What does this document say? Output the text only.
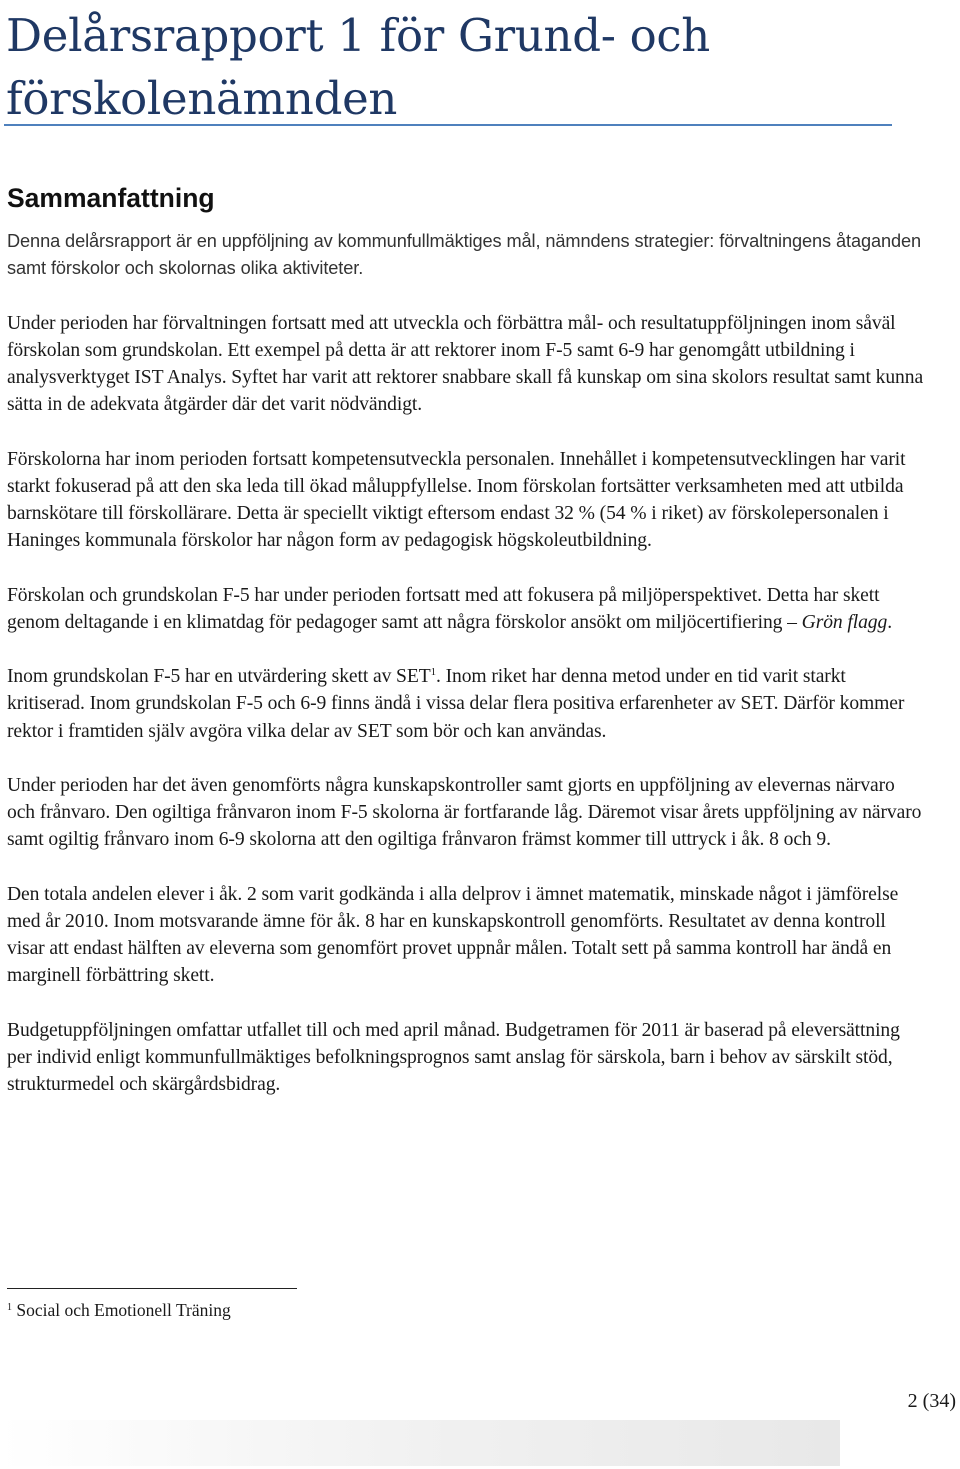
Delårsrapport 1 för Grund- och
förskolenämnden
Sammanfattning

Denna delårsrapport är en uppföljning av kommunfullmäktiges mål, nämndens strategier: förvaltningens åtaganden samt förskolor och skolornas olika aktiviteter.

Under perioden har förvaltningen fortsatt med att utveckla och förbättra mål- och resultatuppföljningen inom såväl förskolan som grundskolan. Ett exempel på detta är att rektorer inom F-5 samt 6-9 har genomgått utbildning i analysverktyget IST Analys. Syftet har varit att rektorer snabbare skall få kunskap om sina skolors resultat samt kunna sätta in de adekvata åtgärder där det varit nödvändigt.

Förskolorna har inom perioden fortsatt kompetensutveckla personalen. Innehållet i kompetensutvecklingen har varit starkt fokuserad på att den ska leda till ökad måluppfyllelse. Inom förskolan fortsätter verksamheten med att utbilda barnskötare till förskollärare. Detta är speciellt viktigt eftersom endast 32 % (54 % i riket) av förskolepersonalen i Haninges kommunala förskolor har någon form av pedagogisk högskoleutbildning.

Förskolan och grundskolan F-5 har under perioden fortsatt med att fokusera på miljöperspektivet. Detta har skett genom deltagande i en klimatdag för pedagoger samt att några förskolor ansökt om miljöcertifiering – Grön flagg.

Inom grundskolan F-5 har en utvärdering skett av SET$^1$. Inom riket har denna metod under en tid varit starkt kritiserad. Inom grundskolan F-5 och 6-9 finns ändå i vissa delar flera positiva erfarenheter av SET. Därför kommer rektor i framtiden själv avgöra vilka delar av SET som bör och kan användas.

Under perioden har det även genomförts några kunskapskontroller samt gjorts en uppföljning av elevernas närvaro och frånvaro. Den ogiltiga frånvaron inom F-5 skolorna är fortfarande låg. Däremot visar årets uppföljning av närvaro samt ogiltig frånvaro inom 6-9 skolorna att den ogiltiga frånvaron främst kommer till uttryck i åk. 8 och 9.

Den totala andelen elever i åk. 2 som varit godkända i alla delprov i ämnet matematik, minskade något i jämförelse med år 2010. Inom motsvarande ämne för åk. 8 har en kunskapskontroll genomförts. Resultatet av denna kontroll visar att endast hälften av eleverna som genomfört provet uppnår målen. Totalt sett på samma kontroll har ändå en marginell förbättring skett.

Budgetuppföljningen omfattar utfallet till och med april månad. Budgetramen för 2011 är baserad på eleversättning per individ enligt kommunfullmäktiges befolkningsprognos samt anslag för särskola, barn i behov av särskilt stöd, strukturmedel och skärgårdsbidrag.

$^1$ Social och Emotionell Träning
2 (34)
